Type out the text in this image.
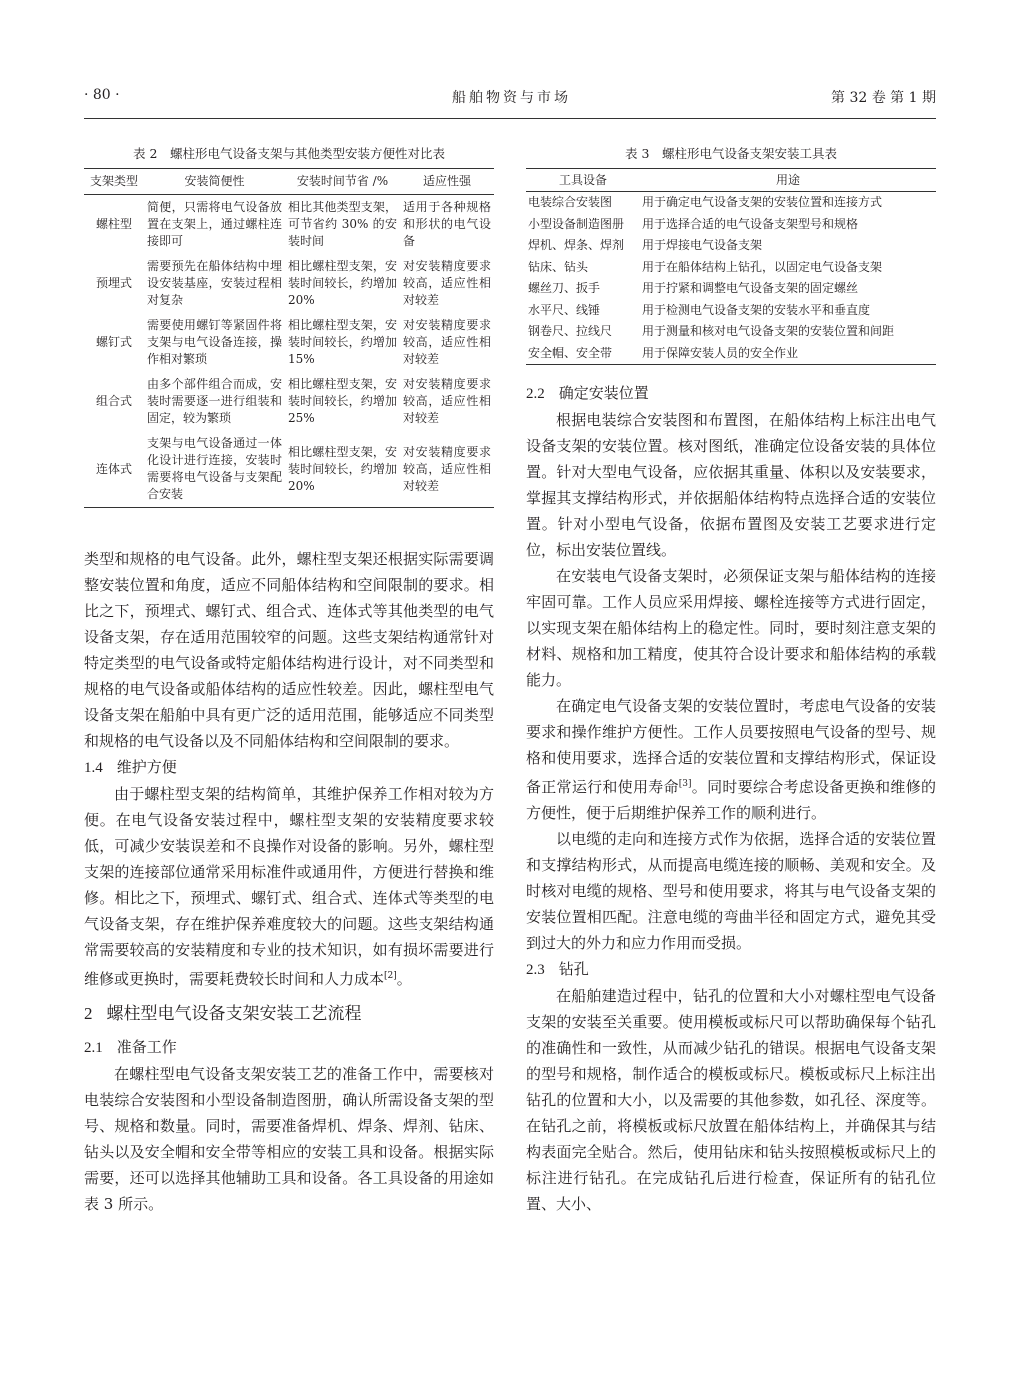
· 80 ·	船舶物资与市场	第 32 卷 第 1 期
表 2　螺柱形电气设备支架与其他类型安装方便性对比表
支架类型	安装简便性	安装时间节省 /%	适应性强
螺柱型	简便，只需将电气设备放置在支架上，通过螺柱连接即可	相比其他类型支架，可节省约 30% 的安装时间	适用于各种规格和形状的电气设备
预埋式	需要预先在船体结构中埋设安装基座，安装过程相对复杂	相比螺柱型支架，安装时间较长，约增加 20%	对安装精度要求较高，适应性相对较差
螺钉式	需要使用螺钉等紧固件将支架与电气设备连接，操作相对繁琐	相比螺柱型支架，安装时间较长，约增加 15%	对安装精度要求较高，适应性相对较差
组合式	由多个部件组合而成，安装时需要逐一进行组装和固定，较为繁琐	相比螺柱型支架，安装时间较长，约增加 25%	对安装精度要求较高，适应性相对较差
连体式	支架与电气设备通过一体化设计进行连接，安装时需要将电气设备与支架配合安装	相比螺柱型支架，安装时间较长，约增加 20%	对安装精度要求较高，适应性相对较差

类型和规格的电气设备。此外，螺柱型支架还根据实际需要调整安装位置和角度，适应不同船体结构和空间限制的要求。相比之下，预埋式、螺钉式、组合式、连体式等其他类型的电气设备支架，存在适用范围较窄的问题。这些支架结构通常针对特定类型的电气设备或特定船体结构进行设计，对不同类型和规格的电气设备或船体结构的适应性较差。因此，螺柱型电气设备支架在船舶中具有更广泛的适用范围，能够适应不同类型和规格的电气设备以及不同船体结构和空间限制的要求。

1.4 维护方便

由于螺柱型支架的结构简单，其维护保养工作相对较为方便。在电气设备安装过程中，螺柱型支架的安装精度要求较低，可减少安装误差和不良操作对设备的影响。另外，螺柱型支架的连接部位通常采用标准件或通用件，方便进行替换和维修。相比之下，预埋式、螺钉式、组合式、连体式等类型的电气设备支架，存在维护保养难度较大的问题。这些支架结构通常需要较高的安装精度和专业的技术知识，如有损坏需要进行维修或更换时，需要耗费较长时间和人力成本[2]。

2 螺柱型电气设备支架安装工艺流程

2.1 准备工作

在螺柱型电气设备支架安装工艺的准备工作中，需要核对电装综合安装图和小型设备制造图册，确认所需设备支架的型号、规格和数量。同时，需要准备焊机、焊条、焊剂、钻床、钻头以及安全帽和安全带等相应的安装工具和设备。根据实际需要，还可以选择其他辅助工具和设备。各工具设备的用途如表 3 所示。

表 3　螺柱形电气设备支架安装工具表
工具设备	用途
电装综合安装图	用于确定电气设备支架的安装位置和连接方式
小型设备制造图册	用于选择合适的电气设备支架型号和规格
焊机、焊条、焊剂	用于焊接电气设备支架
钻床、钻头	用于在船体结构上钻孔，以固定电气设备支架
螺丝刀、扳手	用于拧紧和调整电气设备支架的固定螺丝
水平尺、线锤	用于检测电气设备支架的安装水平和垂直度
钢卷尺、拉线尺	用于测量和核对电气设备支架的安装位置和间距
安全帽、安全带	用于保障安装人员的安全作业

2.2 确定安装位置

根据电装综合安装图和布置图，在船体结构上标注出电气设备支架的安装位置。核对图纸，准确定位设备安装的具体位置。针对大型电气设备，应依据其重量、体积以及安装要求，掌握其支撑结构形式，并依据船体结构特点选择合适的安装位置。针对小型电气设备，依据布置图及安装工艺要求进行定位，标出安装位置线。

在安装电气设备支架时，必须保证支架与船体结构的连接牢固可靠。工作人员应采用焊接、螺栓连接等方式进行固定，以实现支架在船体结构上的稳定性。同时，要时刻注意支架的材料、规格和加工精度，使其符合设计要求和船体结构的承载能力。

在确定电气设备支架的安装位置时，考虑电气设备的安装要求和操作维护方便性。工作人员要按照电气设备的型号、规格和使用要求，选择合适的安装位置和支撑结构形式，保证设备正常运行和使用寿命[3]。同时要综合考虑设备更换和维修的方便性，便于后期维护保养工作的顺利进行。

以电缆的走向和连接方式作为依据，选择合适的安装位置和支撑结构形式，从而提高电缆连接的顺畅、美观和安全。及时核对电缆的规格、型号和使用要求，将其与电气设备支架的安装位置相匹配。注意电缆的弯曲半径和固定方式，避免其受到过大的外力和应力作用而受损。

2.3 钻孔

在船舶建造过程中，钻孔的位置和大小对螺柱型电气设备支架的安装至关重要。使用模板或标尺可以帮助确保每个钻孔的准确性和一致性，从而减少钻孔的错误。根据电气设备支架的型号和规格，制作适合的模板或标尺。模板或标尺上标注出钻孔的位置和大小，以及需要的其他参数，如孔径、深度等。在钻孔之前，将模板或标尺放置在船体结构上，并确保其与结构表面完全贴合。然后，使用钻床和钻头按照模板或标尺上的标注进行钻孔。在完成钻孔后进行检查，保证所有的钻孔位置、大小、
